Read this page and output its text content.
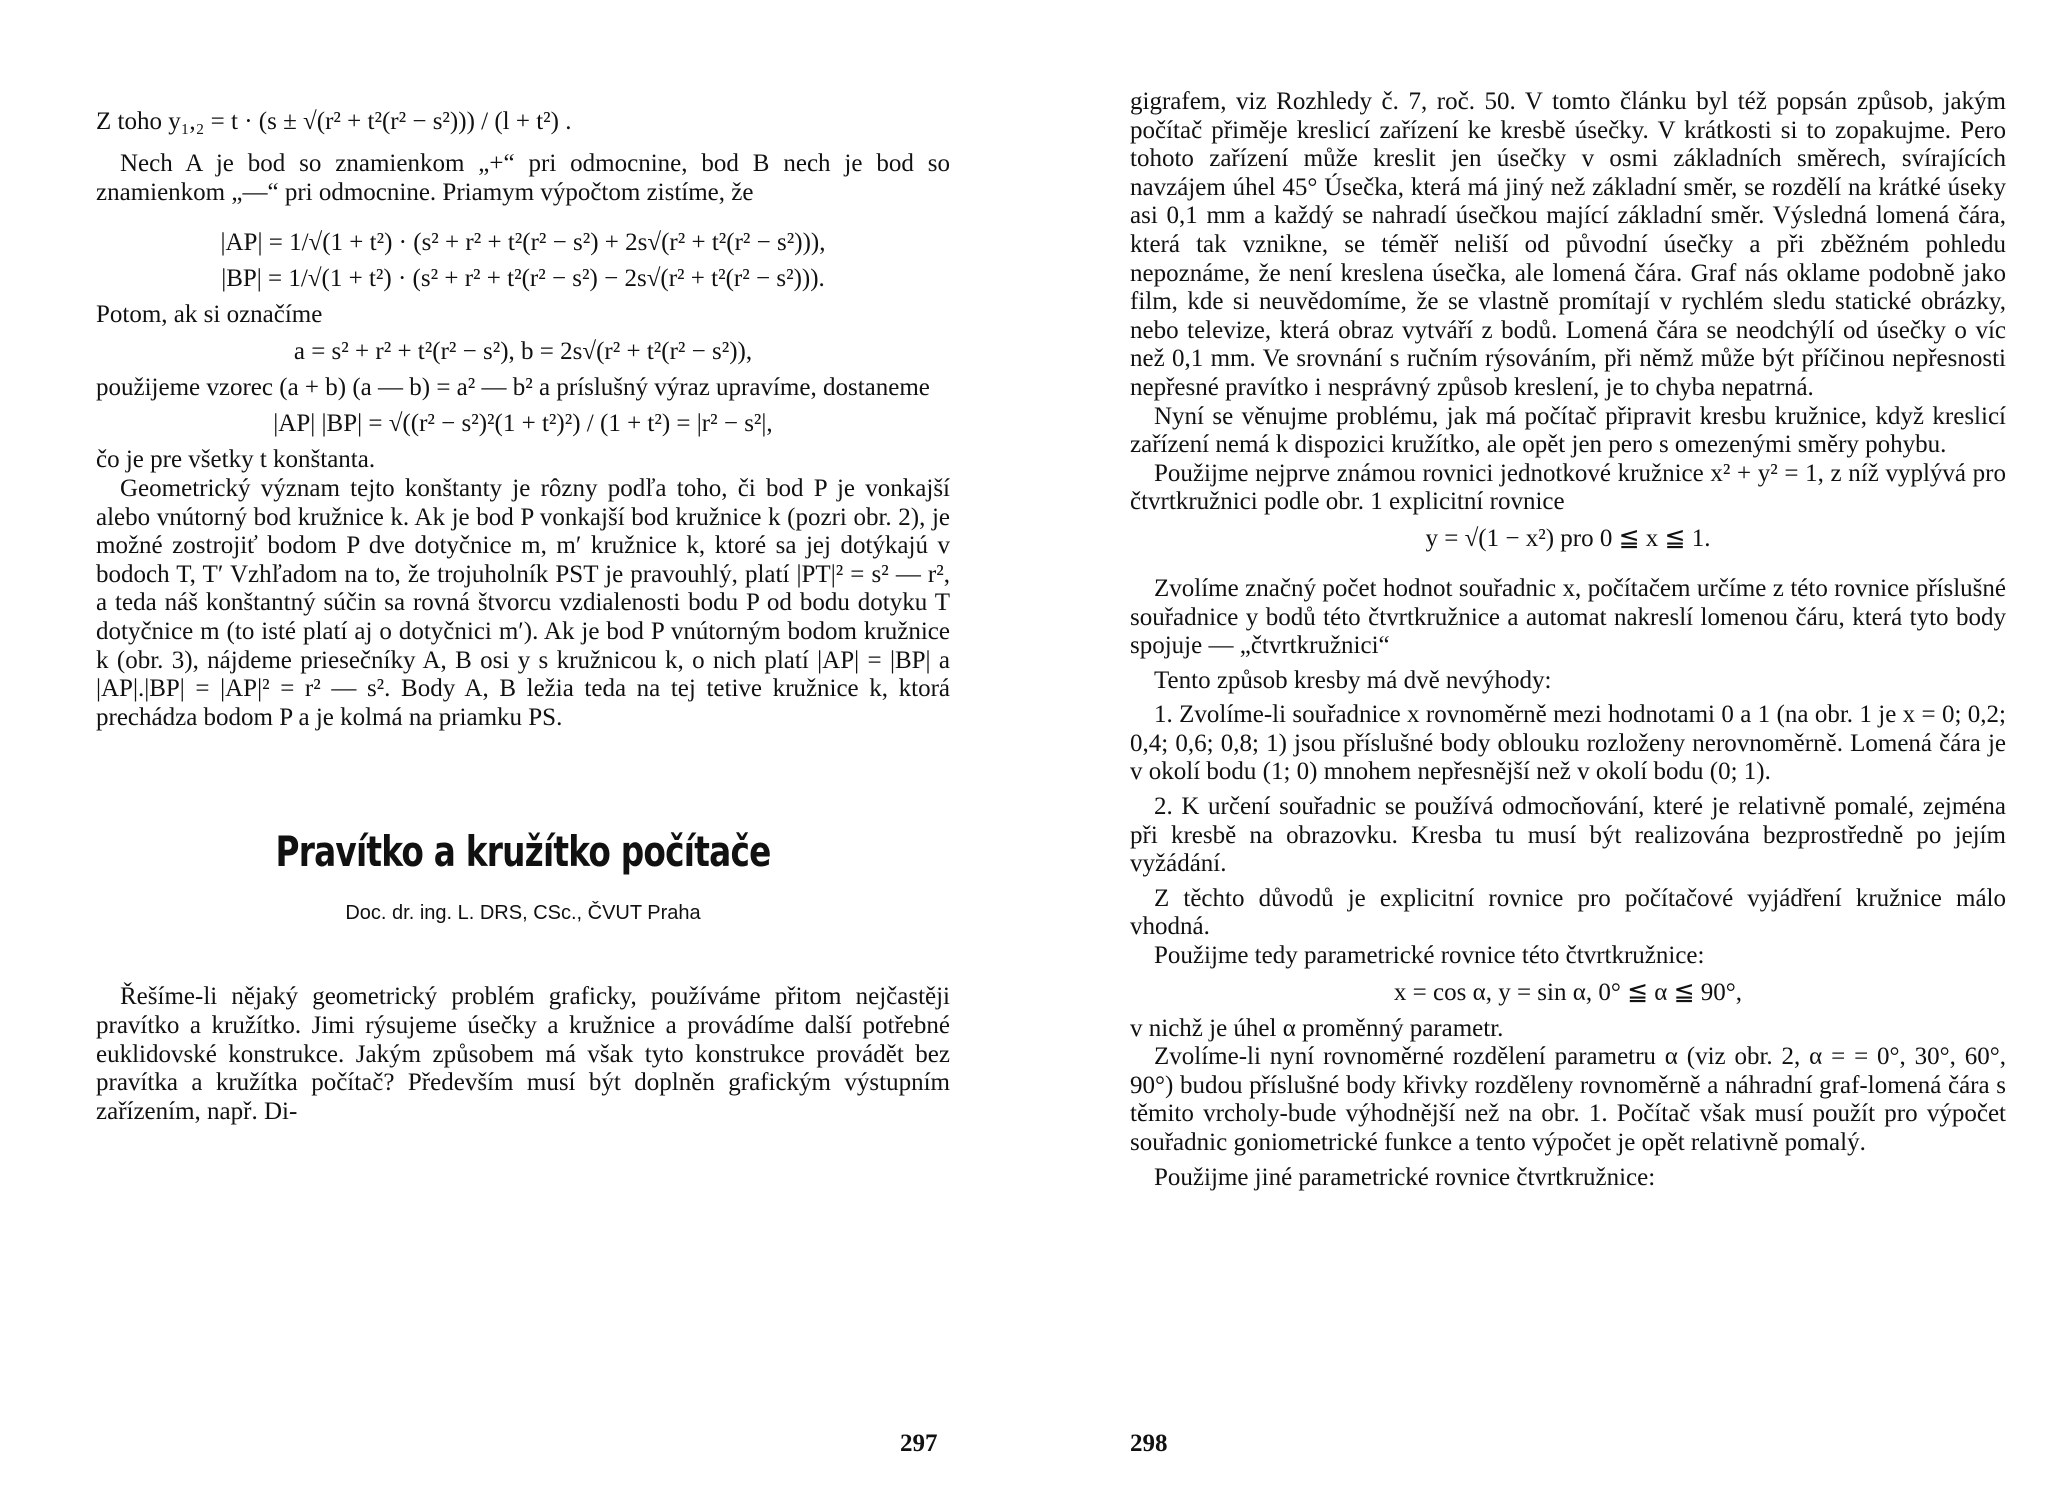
Z toho y₁,₂ = t · (s ± √(r² + t²(r² − s²))) / (l + t²) .

Nech A je bod so znamienkom „+“ pri odmocnine, bod B nech je bod so znamienkom „—“ pri odmocnine. Priamym výpočtom zistíme, že

|AP| = 1/√(1 + t²) · (s² + r² + t²(r² − s²) + 2s√(r² + t²(r² − s²))),
|BP| = 1/√(1 + t²) · (s² + r² + t²(r² − s²) − 2s√(r² + t²(r² − s²))).

Potom, ak si označíme

a = s² + r² + t²(r² − s²), b = 2s√(r² + t²(r² − s²)),

použijeme vzorec (a + b) (a — b) = a² — b² a príslušný výraz upravíme, dostaneme

|AP| |BP| = √((r² − s²)²(1 + t²)²) / (1 + t²) = |r² − s²|,

čo je pre všetky t konštanta.

Geometrický význam tejto konštanty je rôzny podľa toho, či bod P je vonkajší alebo vnútorný bod kružnice k. Ak je bod P vonkajší bod kružnice k (pozri obr. 2), je možné zostrojiť bodom P dve dotyčnice m, m′ kružnice k, ktoré sa jej dotýkajú v bodoch T, T′ Vzhľadom na to, že trojuholník PST je pravouhlý, platí |PT|² = s² — r², a teda náš konštantný súčin sa rovná štvorcu vzdialenosti bodu P od bodu dotyku T dotyčnice m (to isté platí aj o dotyčnici m′). Ak je bod P vnútorným bodom kružnice k (obr. 3), nájdeme priesečníky A, B osi y s kružnicou k, o nich platí |AP| = |BP| a |AP|.|BP| = |AP|² = r² — s². Body A, B ležia teda na tej tetive kružnice k, ktorá prechádza bodom P a je kolmá na priamku PS.

Pravítko a kružítko počítače
Doc. dr. ing. L. DRS, CSc., ČVUT Praha

Řešíme-li nějaký geometrický problém graficky, používáme přitom nejčastěji pravítko a kružítko. Jimi rýsujeme úsečky a kružnice a provádíme další potřebné euklidovské konstrukce. Jakým způsobem má však tyto konstrukce provádět bez pravítka a kružítka počítač? Především musí být doplněn grafickým výstupním zařízením, např. Di-

297

gigrafem, viz Rozhledy č. 7, roč. 50. V tomto článku byl též popsán způsob, jakým počítač přiměje kreslicí zařízení ke kresbě úsečky. V krátkosti si to zopakujme. Pero tohoto zařízení může kreslit jen úsečky v osmi základních směrech, svírajících navzájem úhel 45° Úsečka, která má jiný než základní směr, se rozdělí na krátké úseky asi 0,1 mm a každý se nahradí úsečkou mající základní směr. Výsledná lomená čára, která tak vznikne, se téměř neliší od původní úsečky a při zběžném pohledu nepoznáme, že není kreslena úsečka, ale lomená čára. Graf nás oklame podobně jako film, kde si neuvědomíme, že se vlastně promítají v rychlém sledu statické obrázky, nebo televize, která obraz vytváří z bodů. Lomená čára se neodchýlí od úsečky o víc než 0,1 mm. Ve srovnání s ručním rýsováním, při němž může být příčinou nepřesnosti nepřesné pravítko i nesprávný způsob kreslení, je to chyba nepatrná.

Nyní se věnujme problému, jak má počítač připravit kresbu kružnice, když kreslicí zařízení nemá k dispozici kružítko, ale opět jen pero s omezenými směry pohybu.

Použijme nejprve známou rovnici jednotkové kružnice x² + y² = 1, z níž vyplývá pro čtvrtkružnici podle obr. 1 explicitní rovnice

y = √(1 − x²) pro 0 ≦ x ≦ 1.

Zvolíme značný počet hodnot souřadnic x, počítačem určíme z této rovnice příslušné souřadnice y bodů této čtvrtkružnice a automat nakreslí lomenou čáru, která tyto body spojuje — „čtvrtkružnici“

Tento způsob kresby má dvě nevýhody:

1. Zvolíme-li souřadnice x rovnoměrně mezi hodnotami 0 a 1 (na obr. 1 je x = 0; 0,2; 0,4; 0,6; 0,8; 1) jsou příslušné body oblouku rozloženy nerovnoměrně. Lomená čára je v okolí bodu (1; 0) mnohem nepřesnější než v okolí bodu (0; 1).

2. K určení souřadnic se používá odmocňování, které je relativně pomalé, zejména při kresbě na obrazovku. Kresba tu musí být realizována bezprostředně po jejím vyžádání.

Z těchto důvodů je explicitní rovnice pro počítačové vyjádření kružnice málo vhodná.

Použijme tedy parametrické rovnice této čtvrtkružnice:

x = cos α, y = sin α, 0° ≦ α ≦ 90°,

v nichž je úhel α proměnný parametr.

Zvolíme-li nyní rovnoměrné rozdělení parametru α (viz obr. 2, α = = 0°, 30°, 60°, 90°) budou příslušné body křivky rozděleny rovnoměrně a náhradní graf-lomená čára s těmito vrcholy-bude výhodnější než na obr. 1. Počítač však musí použít pro výpočet souřadnic goniometrické funkce a tento výpočet je opět relativně pomalý.

Použijme jiné parametrické rovnice čtvrtkružnice:

298
